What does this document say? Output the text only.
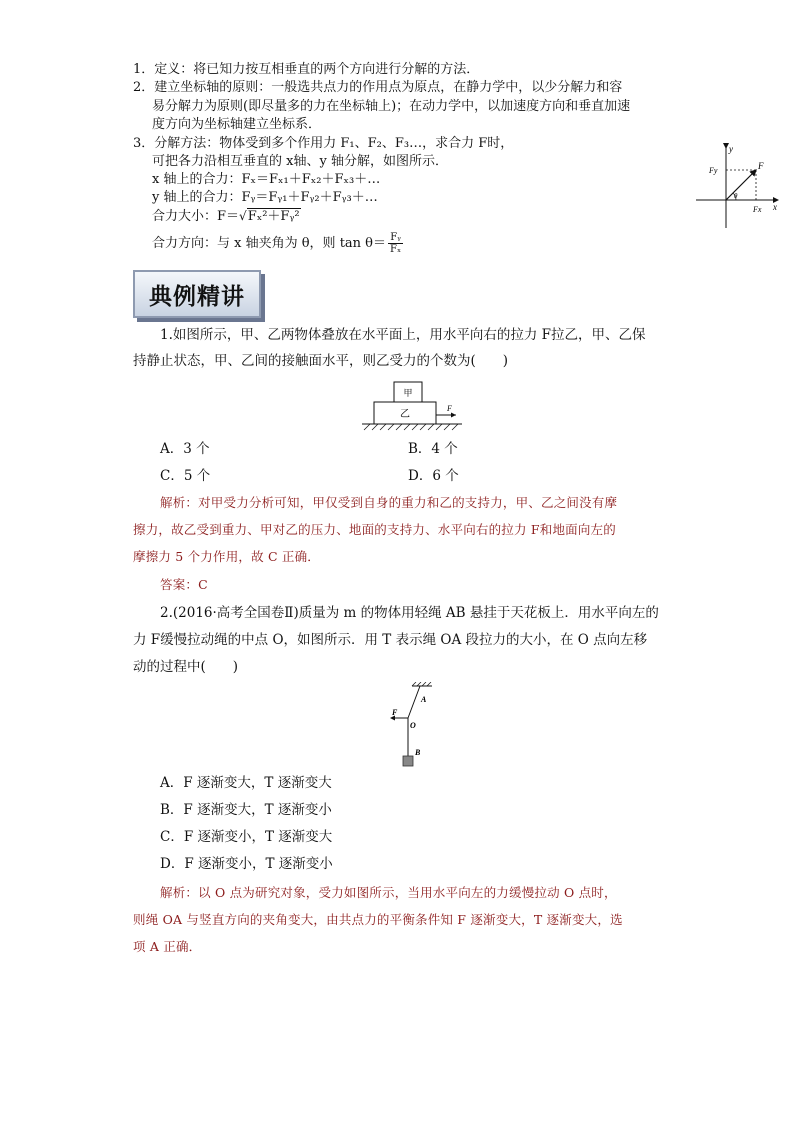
1．定义：将已知力按互相垂直的两个方向进行分解的方法．
2．建立坐标轴的原则：一般选共点力的作用点为原点，在静力学中，以少分解力和容
易分解力为原则(即尽量多的力在坐标轴上)；在动力学中，以加速度方向和垂直加速
度方向为坐标轴建立坐标系．
3．分解方法：物体受到多个作用力 F₁、F₂、F₃…，求合力 F时，
可把各力沿相互垂直的 x轴、y 轴分解，如图所示．
x 轴上的合力：Fₓ＝Fₓ₁＋Fₓ₂＋Fₓ₃＋…
y 轴上的合力：Fᵧ＝Fᵧ₁＋Fᵧ₂＋Fᵧ₃＋…
合力大小：F＝√Fₓ²＋Fᵧ²
合力方向：与 x 轴夹角为 θ，则 $\tan \theta= \frac{\text{Fᵧ}}{\text{Fₓ}}$
y
x
Fy
Fx
F
θ
典例精讲
1.如图所示，甲、乙两物体叠放在水平面上，用水平向右的拉力 F拉乙，甲、乙保
持静止状态，甲、乙间的接触面水平，则乙受力的个数为(　　)
甲
乙
F
A．3 个	B．4 个
C．5 个	D．6 个
解析：对甲受力分析可知，甲仅受到自身的重力和乙的支持力，甲、乙之间没有摩
擦力，故乙受到重力、甲对乙的压力、地面的支持力、水平向右的拉力 F和地面向左的
摩擦力 5 个力作用，故 C 正确．
答案：C
2.(2016·高考全国卷Ⅱ)质量为 m 的物体用轻绳 AB 悬挂于天花板上．用水平向左的
力 F缓慢拉动绳的中点 O，如图所示．用 T 表示绳 OA 段拉力的大小，在 O 点向左移
动的过程中(　　)
A
O
B
F
A．F 逐渐变大，T 逐渐变大
B．F 逐渐变大，T 逐渐变小
C．F 逐渐变小，T 逐渐变大
D．F 逐渐变小，T 逐渐变小
解析：以 O 点为研究对象，受力如图所示，当用水平向左的力缓慢拉动 O 点时，
则绳 OA 与竖直方向的夹角变大，由共点力的平衡条件知 F 逐渐变大，T 逐渐变大，选
项 A 正确．
